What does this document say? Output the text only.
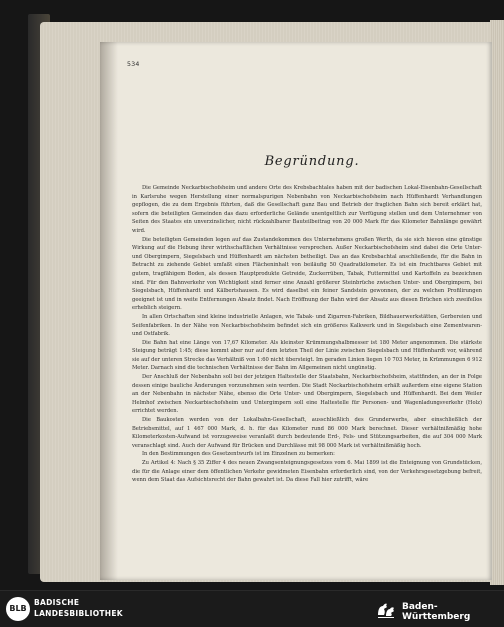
534
Begründung.

Die Gemeinde Neckarbischofsheim und andere Orte des Krebsbachtales haben mit der badischen Lokal-Eisenbahn-Gesellschaft in Karlsruhe wegen Herstellung einer normalspurigen Nebenbahn von Neckarbischofsheim nach Hüffenhardt Verhandlungen gepflogen, die zu dem Ergebnis führten, daß die Gesellschaft ganz Bau und Betrieb der fraglichen Bahn sich bereit erklärt hat, sofern die beteiligten Gemeinden das dazu erforderliche Gelände unentgeltlich zur Verfügung stellen und dem Unternehmer von Seiten des Staates ein unverzinslicher, nicht rückzahlbarer Bauteilbeitrag von 20 000 Mark für das Kilometer Bahnlänge gewährt wird.

Die beteiligten Gemeinden legen auf das Zustandekommen des Unternehmens großen Werth, da sie sich hievon eine günstige Wirkung auf die Hebung ihrer wirthschaftlichen Verhältnisse versprechen. Außer Neckarbischofsheim sind dabei die Orte Unter- und Obergimpern, Siegelsbach und Hüffenhardt am nächsten betheiligt. Das an das Krebsbachtal anschließende, für die Bahn in Betracht zu ziehende Gebiet umfaßt einen Flächeninhalt von beiläufig 50 Quadratkilometer. Es ist ein fruchtbares Gebiet mit gutem, tragfähigem Boden, als dessen Hauptprodukte Getreide, Zuckerrüben, Tabak, Futtermittel und Kartoffeln zu bezeichnen sind. Für den Bahnverkehr von Wichtigkeit sind ferner eine Anzahl größerer Steinbrüche zwischen Unter- und Obergimpern, bei Siegelsbach, Hüffenhardt und Kälbertshausen. Es wird daselbst ein feiner Sandstein gewonnen, der zu welchen Profilirungen geeignet ist und in weite Entfernungen Absatz findet. Nach Eröffnung der Bahn wird der Absatz aus diesen Brüchen sich zweifellos erheblich steigern.

In allen Ortschaften sind kleine industrielle Anlagen, wie Tabak- und Zigarren-Fabriken, Bildhauerwerkstätten, Gerbereien und Seifenfabriken. In der Nähe von Neckarbischofsheim befindet sich ein größeres Kalkwerk und in Siegelsbach eine Zementwaren- und Ostfabrik.

Die Bahn hat eine Länge von 17,67 Kilometer. Als kleinster Krümmungshalbmesser ist 180 Meter angenommen. Die stärkste Steigung beträgt 1:45; diese kommt aber nur auf dem letzten Theil der Linie zwischen Siegelsbach und Hüffenhardt vor, während sie auf der unteren Strecke das Verhältniß von 1:60 nicht übersteigt. Im geraden Linien liegen 10 703 Meter, in Krümmungen 6 912 Meter. Darnach sind die technischen Verhältnisse der Bahn im Allgemeinen nicht ungünstig.

Der Anschluß der Nebenbahn soll bei der jetzigen Haltestelle der Staatsbahn, Neckarbischofsheim, stattfinden, an der in Folge dessen einige bauliche Änderungen vorzunehmen sein werden. Die Stadt Neckarbischofsheim erhält außerdem eine eigene Station an der Nebenbahn in nächster Nähe, ebenso die Orte Unter- und Obergimpern, Siegelsbach und Hüffenhardt. Bei dem Weiler Helmhof zwischen Neckarbischofsheim und Untergimpern soll eine Haltestelle für Personen- und Wagenladungsverkehr (Holz) errichtet werden.

Die Baukosten werden von der Lokalbahn-Gesellschaft, ausschließlich des Grunderwerbs, aber einschließlich der Betriebsmittel, auf 1 467 000 Mark, d. h. für das Kilometer rund 86 000 Mark berechnet. Dieser verhältnißmäßig hohe Kilometerkosten-Aufwand ist vorzugsweise veranlaßt durch bedeutende Erd-, Fels- und Stützungsarbeiten, die auf 304 000 Mark veranschlagt sind. Auch der Aufwand für Brücken und Durchlässe mit 98 000 Mark ist verhältnißmäßig hoch.

In den Bestimmungen des Gesetzentwurfs ist im Einzelnen zu bemerken:

Zu Artikel 4: Nach § 35 Ziffer 4 des neuen Zwangsenteignungsgesetzes vom 6. Mai 1899 ist die Enteignung von Grundstücken, die für die Anlage einer dem öffentlichen Verkehr gewidmeten Eisenbahn erforderlich sind, von der Verkehrsgesetzgebung befreit, wenn dem Staat das Aufsichtsrecht der Bahn gewahrt ist. Da diese Fall hier zutrifft, wäre

BLB
BADISCHE
LANDESBIBLIOTHEK
Baden-Württemberg
